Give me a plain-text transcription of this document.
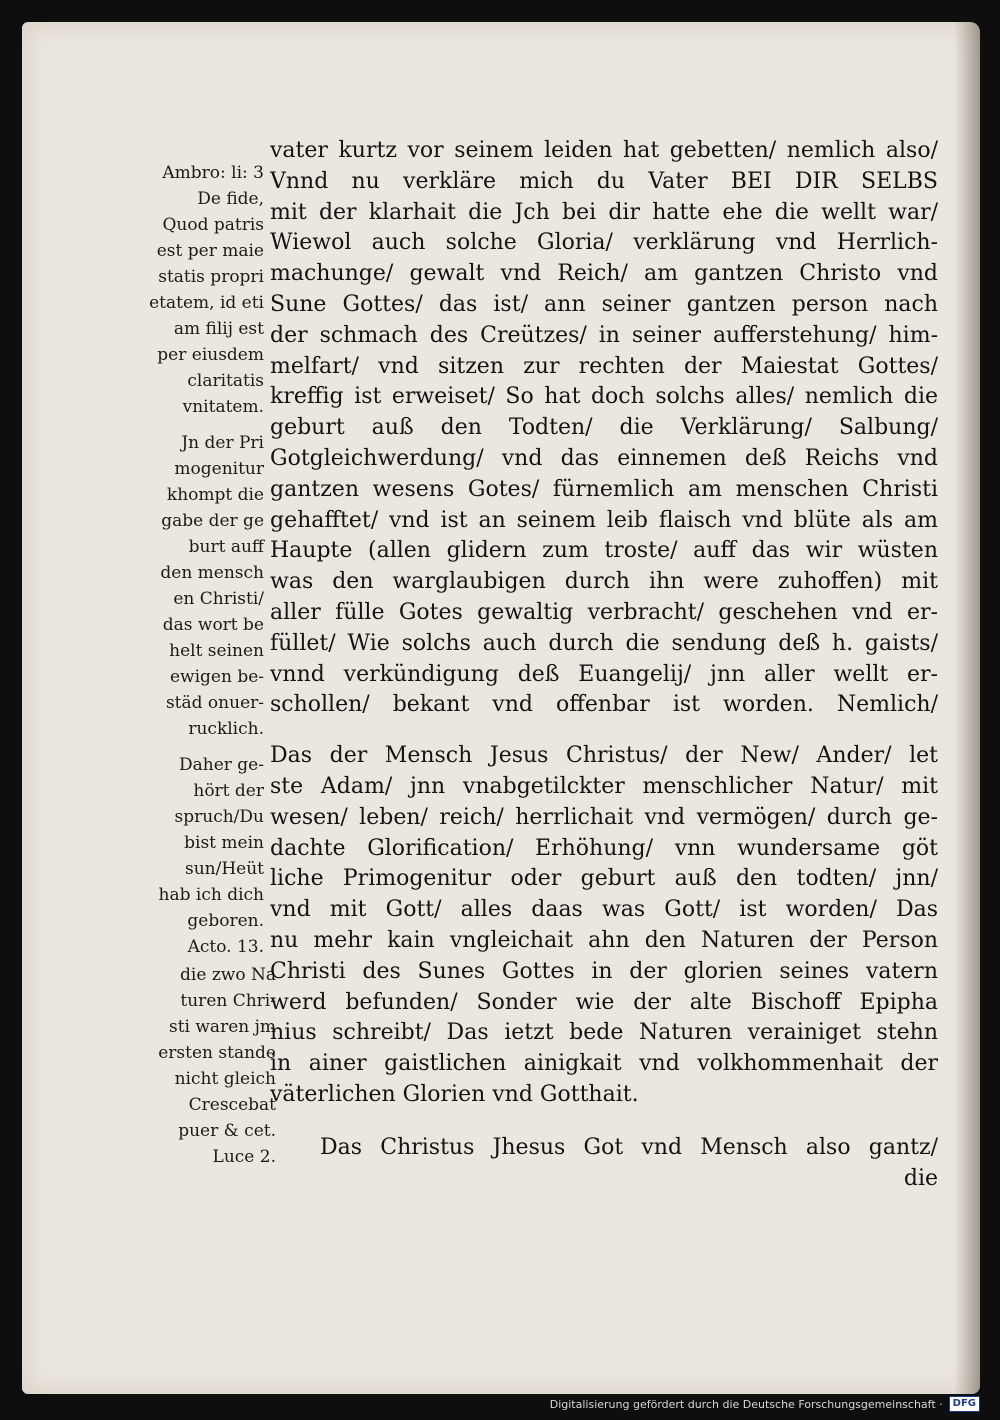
Ambro: li: 3
De fide,
Quod patris
est per maie
statis propri
etatem, id eti
am filij est
per eiusdem
claritatis
vnitatem.
Jn der Pri
mogenitur
khompt die
gabe der ge
burt auff
den mensch
en Christi/
das wort be
helt seinen
ewigen be-
städ onuer-
rucklich.
Daher ge-
hört der
spruch/Du
bist mein
sun/Heüt
hab ich dich
geboren.
Acto. 13.
die zwo Na
turen Chri-
sti waren jm
ersten stande
nicht gleich
Crescebat
puer & cet.
Luce 2.
vater kurtz vor seinem leiden hat gebetten/ nemlich also/
Vnnd nu verkläre mich du Vater BEI DIR SELBS
mit der klarhait die Jch bei dir hatte ehe die wellt war/
Wiewol auch solche Gloria/ verklärung vnd Herrlich-
machunge/ gewalt vnd Reich/ am gantzen Christo vnd
Sune Gottes/ das ist/ ann seiner gantzen person nach
der schmach des Creützes/ in seiner aufferstehung/ him-
melfart/ vnd sitzen zur rechten der Maiestat Gottes/
kreffig ist erweiset/ So hat doch solchs alles/ nemlich die
geburt auß den Todten/ die Verklärung/ Salbung/
Gotgleichwerdung/ vnd das einnemen deß Reichs vnd
gantzen wesens Gotes/ fürnemlich am menschen Christi
gehafftet/ vnd ist an seinem leib flaisch vnd blüte als am
Haupte (allen glidern zum troste/ auff das wir wüsten
was den warglaubigen durch ihn were zuhoffen) mit
aller fülle Gotes gewaltig verbracht/ geschehen vnd er-
füllet/ Wie solchs auch durch die sendung deß h. gaists/
vnnd verkündigung deß Euangelij/ jnn aller wellt er-
schollen/ bekant vnd offenbar ist worden. Nemlich/
Das der Mensch Jesus Christus/ der New/ Ander/ let
ste Adam/ jnn vnabgetilckter menschlicher Natur/ mit
wesen/ leben/ reich/ herrlichait vnd vermögen/ durch ge-
dachte Glorification/ Erhöhung/ vnn wundersame göt
liche Primogenitur oder geburt auß den todten/ jnn/
vnd mit Gott/ alles daas was Gott/ ist worden/ Das
nu mehr kain vngleichait ahn den Naturen der Person
Christi des Sunes Gottes in der glorien seines vatern
werd befunden/ Sonder wie der alte Bischoff Epipha
nius schreibt/ Das ietzt bede Naturen verainiget stehn
in ainer gaistlichen ainigkait vnd volkhommenhait der
väterlichen Glorien vnd Gotthait.
Das Christus Jhesus Got vnd Mensch also gantz/
die
Digitalisierung gefördert durch die Deutsche Forschungsgemeinschaft ·	DFG
